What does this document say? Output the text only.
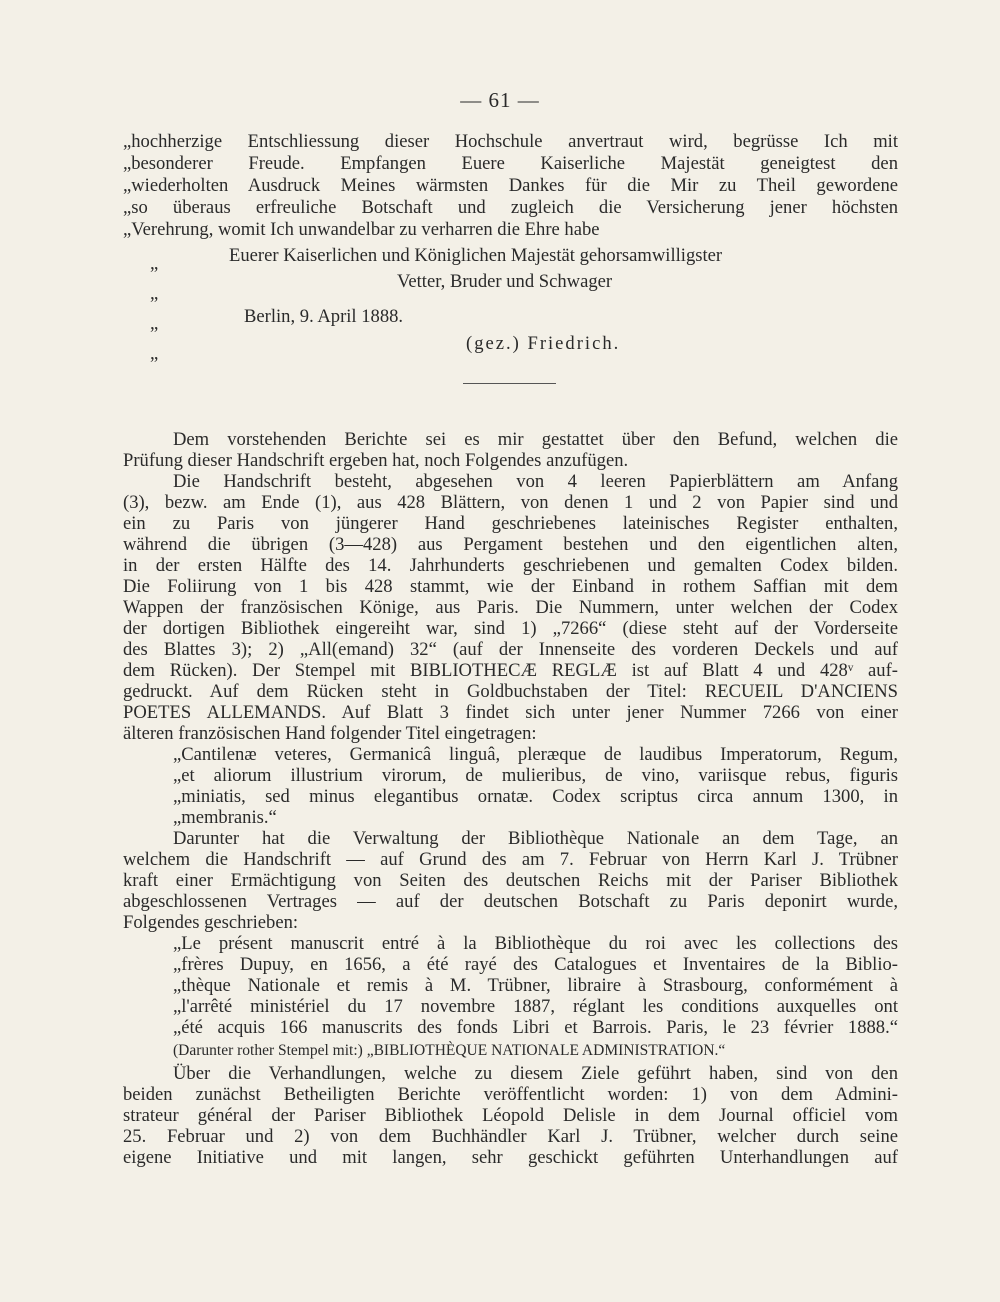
— 61 —
„hochherzige Entschliessung dieser Hochschule anvertraut wird, begrüsse Ich mit
„besonderer Freude. Empfangen Euere Kaiserliche Majestät geneigtest den
„wiederholten Ausdruck Meines wärmsten Dankes für die Mir zu Theil gewordene
„so überaus erfreuliche Botschaft und zugleich die Versicherung jener höchsten
„Verehrung, womit Ich unwandelbar zu verharren die Ehre habe
„	Euerer Kaiserlichen und Königlichen Majestät gehorsamwilligster
„
Vetter, Bruder und Schwager
„	Berlin, 9. April 1888.
„	(gez.) Friedrich.
Dem vorstehenden Berichte sei es mir gestattet über den Befund, welchen die
Prüfung dieser Handschrift ergeben hat, noch Folgendes anzufügen.
Die Handschrift besteht, abgesehen von 4 leeren Papierblättern am Anfang
(3), bezw. am Ende (1), aus 428 Blättern, von denen 1 und 2 von Papier sind und
ein zu Paris von jüngerer Hand geschriebenes lateinisches Register enthalten,
während die übrigen (3—428) aus Pergament bestehen und den eigentlichen alten,
in der ersten Hälfte des 14. Jahrhunderts geschriebenen und gemalten Codex bilden.
Die Foliirung von 1 bis 428 stammt, wie der Einband in rothem Saffian mit dem
Wappen der französischen Könige, aus Paris. Die Nummern, unter welchen der Codex
der dortigen Bibliothek eingereiht war, sind 1) „7266“ (diese steht auf der Vorderseite
des Blattes 3); 2) „All(emand) 32“ (auf der Innenseite des vorderen Deckels und auf
dem Rücken). Der Stempel mit BIBLIOTHECÆ REGLÆ ist auf Blatt 4 und 428ᵛ auf-
gedruckt. Auf dem Rücken steht in Goldbuchstaben der Titel: RECUEIL D'ANCIENS
POETES ALLEMANDS. Auf Blatt 3 findet sich unter jener Nummer 7266 von einer
älteren französischen Hand folgender Titel eingetragen:
„Cantilenæ veteres, Germanicâ linguâ, pleræque de laudibus Imperatorum, Regum,
„et aliorum illustrium virorum, de mulieribus, de vino, variisque rebus, figuris
„miniatis, sed minus elegantibus ornatæ. Codex scriptus circa annum 1300, in
„membranis.“
Darunter hat die Verwaltung der Bibliothèque Nationale an dem Tage, an
welchem die Handschrift — auf Grund des am 7. Februar von Herrn Karl J. Trübner
kraft einer Ermächtigung von Seiten des deutschen Reichs mit der Pariser Bibliothek
abgeschlossenen Vertrages — auf der deutschen Botschaft zu Paris deponirt wurde,
Folgendes geschrieben:
„Le présent manuscrit entré à la Bibliothèque du roi avec les collections des
„frères Dupuy, en 1656, a été rayé des Catalogues et Inventaires de la Biblio-
„thèque Nationale et remis à M. Trübner, libraire à Strasbourg, conformément à
„l'arrêté ministériel du 17 novembre 1887, réglant les conditions auxquelles ont
„été acquis 166 manuscrits des fonds Libri et Barrois. Paris, le 23 février 1888.“
(Darunter rother Stempel mit:) „BIBLIOTHÈQUE NATIONALE ADMINISTRATION.“
Über die Verhandlungen, welche zu diesem Ziele geführt haben, sind von den
beiden zunächst Betheiligten Berichte veröffentlicht worden: 1) von dem Admini-
strateur général der Pariser Bibliothek Léopold Delisle in dem Journal officiel vom
25. Februar und 2) von dem Buchhändler Karl J. Trübner, welcher durch seine
eigene Initiative und mit langen, sehr geschickt geführten Unterhandlungen auf
